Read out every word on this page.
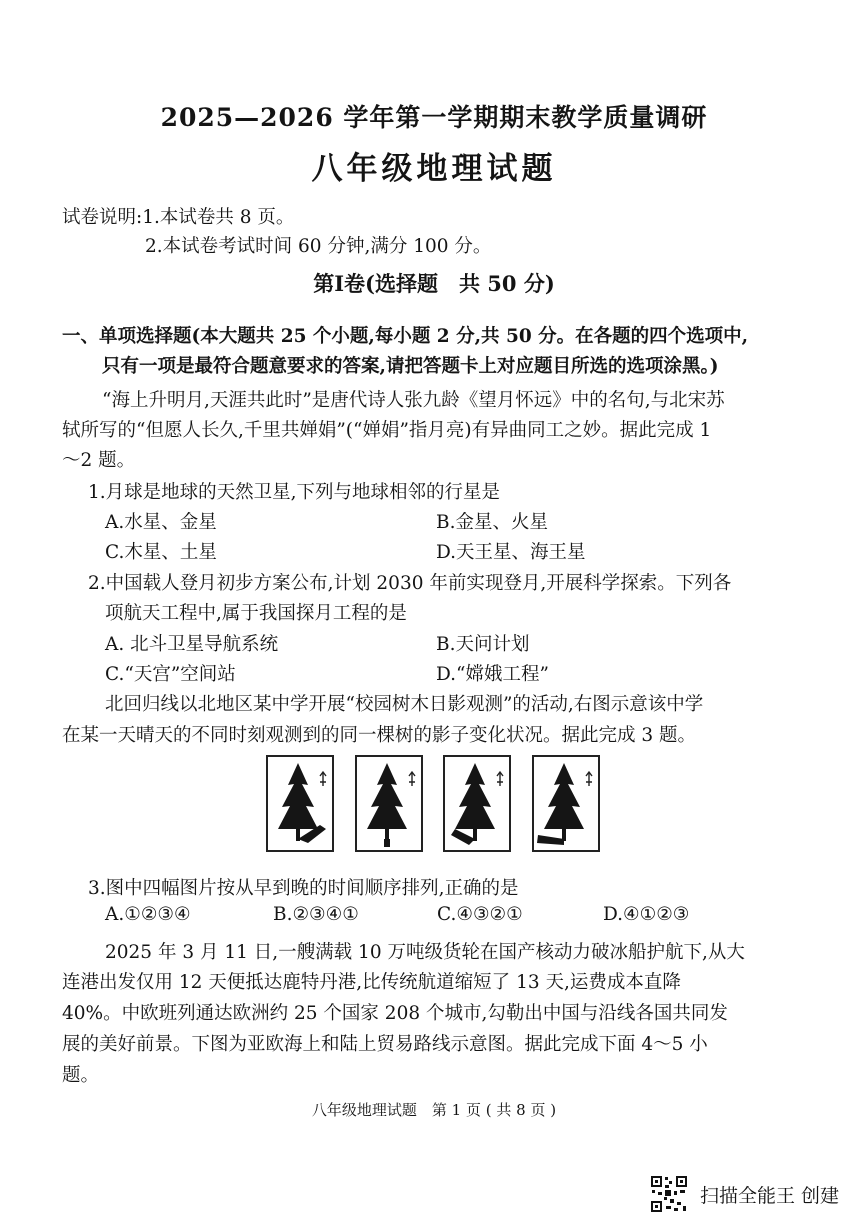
2025—2026 学年第一学期期末教学质量调研
八年级地理试题
试卷说明:1.本试卷共 8 页。
2.本试卷考试时间 60 分钟,满分 100 分。
第Ⅰ卷(选择题　共 50 分)
一、单项选择题(本大题共 25 个小题,每小题 2 分,共 50 分。在各题的四个选项中,
只有一项是最符合题意要求的答案,请把答题卡上对应题目所选的选项涂黑。)
“海上升明月,天涯共此时”是唐代诗人张九龄《望月怀远》中的名句,与北宋苏
轼所写的“但愿人长久,千里共婵娟”(“婵娟”指月亮)有异曲同工之妙。据此完成 1
～2 题。
1.月球是地球的天然卫星,下列与地球相邻的行星是
A.水星、金星	B.金星、火星
C.木星、土星	D.天王星、海王星
2.中国载人登月初步方案公布,计划 2030 年前实现登月,开展科学探索。下列各
项航天工程中,属于我国探月工程的是
A. 北斗卫星导航系统	B.天问计划
C.“天宫”空间站	D.“嫦娥工程”
北回归线以北地区某中学开展“校园树木日影观测”的活动,右图示意该中学
在某一天晴天的不同时刻观测到的同一棵树的影子变化状况。据此完成 3 题。
3.图中四幅图片按从早到晚的时间顺序排列,正确的是
A.①②③④	B.②③④①	C.④③②①	D.④①②③
2025 年 3 月 11 日,一艘满载 10 万吨级货轮在国产核动力破冰船护航下,从大
连港出发仅用 12 天便抵达鹿特丹港,比传统航道缩短了 13 天,运费成本直降
40%。中欧班列通达欧洲约 25 个国家 208 个城市,勾勒出中国与沿线各国共同发
展的美好前景。下图为亚欧海上和陆上贸易路线示意图。据此完成下面 4～5 小
题。
八年级地理试题　第 1 页 ( 共 8 页 )
扫描全能王 创建
